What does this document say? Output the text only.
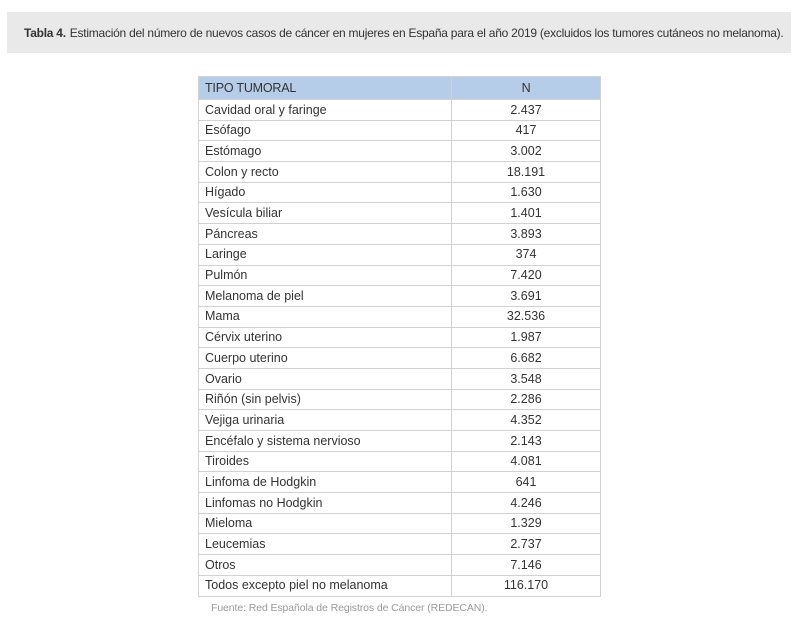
Tabla 4. Estimación del número de nuevos casos de cáncer en mujeres en España para el año 2019 (excluidos los tumores cutáneos no melanoma).
TIPO TUMORAL	N
Cavidad oral y faringe	2.437
Esófago	417
Estómago	3.002
Colon y recto	18.191
Hígado	1.630
Vesícula biliar	1.401
Páncreas	3.893
Laringe	374
Pulmón	7.420
Melanoma de piel	3.691
Mama	32.536
Cérvix uterino	1.987
Cuerpo uterino	6.682
Ovario	3.548
Riñón (sin pelvis)	2.286
Vejiga urinaria	4.352
Encéfalo y sistema nervioso	2.143
Tiroides	4.081
Linfoma de Hodgkin	641
Linfomas no Hodgkin	4.246
Mieloma	1.329
Leucemias	2.737
Otros	7.146
Todos excepto piel no melanoma	116.170
Fuente: Red Española de Registros de Cáncer (REDECAN).
